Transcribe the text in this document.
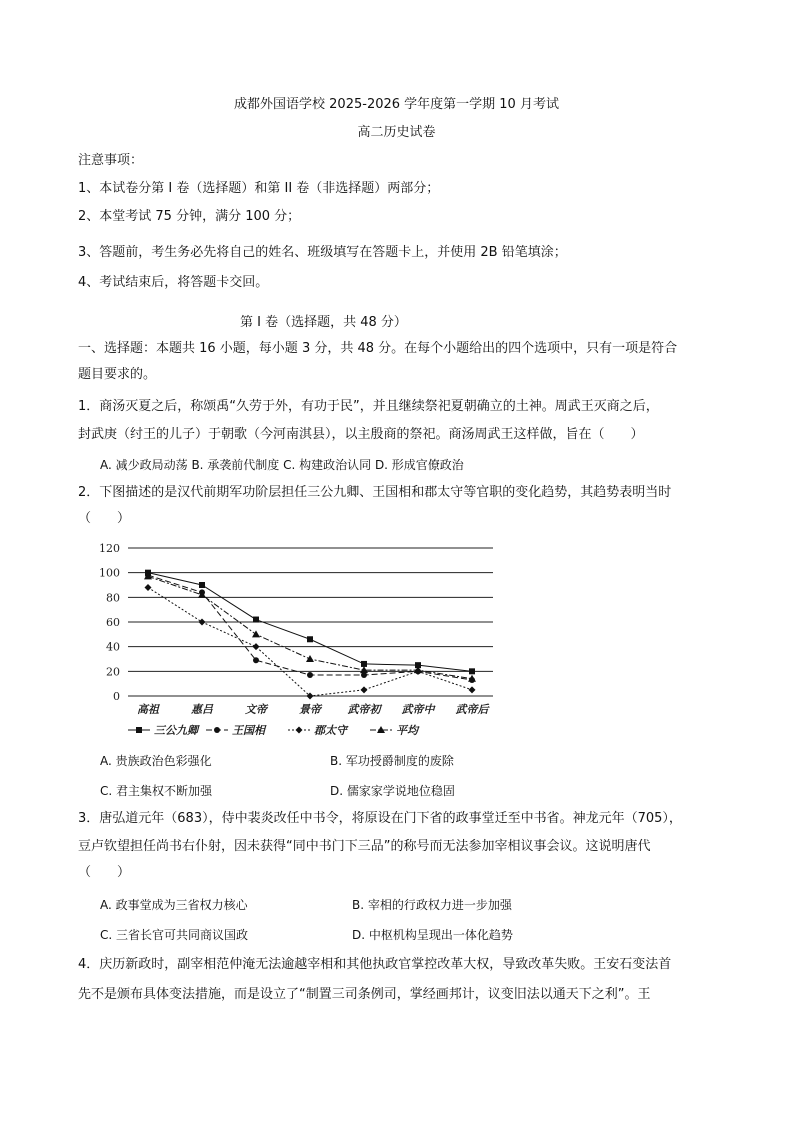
成都外国语学校 2025-2026 学年度第一学期 10 月考试
高二历史试卷
注意事项：
1、本试卷分第 I 卷（选择题）和第 II 卷（非选择题）两部分；
2、本堂考试 75 分钟，满分 100 分；
3、答题前，考生务必先将自己的姓名、班级填写在答题卡上，并使用 2B 铅笔填涂；
4、考试结束后，将答题卡交回。
第 I 卷（选择题，共 48 分）
一、选择题：本题共 16 小题，每小题 3 分，共 48 分。在每个小题给出的四个选项中，只有一项是符合
题目要求的。
1．商汤灭夏之后，称颂禹“久劳于外，有功于民”，并且继续祭祀夏朝确立的土神。周武王灭商之后，
封武庚（纣王的儿子）于朝歌（今河南淇县），以主殷商的祭祀。商汤周武王这样做，旨在（　　）
A. 减少政局动荡 B. 承袭前代制度 C. 构建政治认同 D. 形成官僚政治
2．下图描述的是汉代前期军功阶层担任三公九卿、王国相和郡太守等官职的变化趋势，其趋势表明当时
（　　）
120
100
80
60
40
20
0
高祖	惠吕	文帝	景帝 武帝初 武帝中 武帝后
三公九卿	王国相	郡太守	平均
A. 贵族政治色彩强化	B. 军功授爵制度的废除
C. 君主集权不断加强	D. 儒家家学说地位稳固
3．唐弘道元年（683），侍中裴炎改任中书令，将原设在门下省的政事堂迁至中书省。神龙元年（705），
豆卢钦望担任尚书右仆射，因未获得“同中书门下三品”的称号而无法参加宰相议事会议。这说明唐代
（　　）
A. 政事堂成为三省权力核心	B. 宰相的行政权力进一步加强
C. 三省长官可共同商议国政	D. 中枢机构呈现出一体化趋势
4．庆历新政时，副宰相范仲淹无法逾越宰相和其他执政官掌控改革大权，导致改革失败。王安石变法首
先不是颁布具体变法措施，而是设立了“制置三司条例司，掌经画邦计，议变旧法以通天下之利”。王
